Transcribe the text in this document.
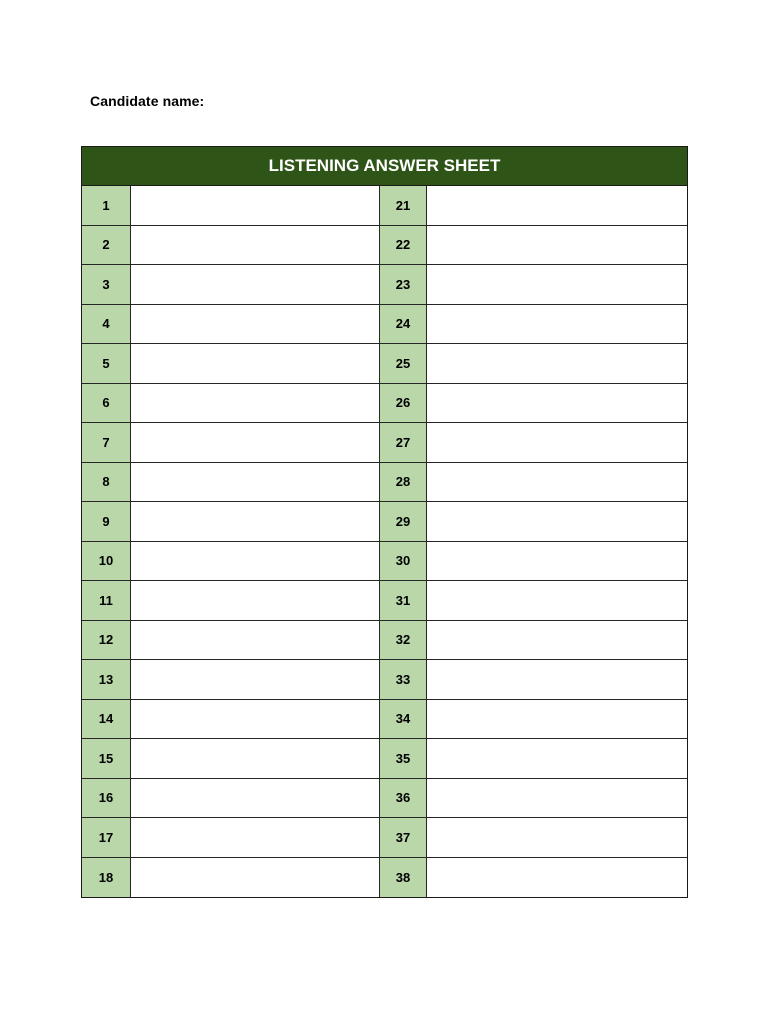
Candidate name:
LISTENING ANSWER SHEET
1	21
2	22
3	23
4	24
5	25
6	26
7	27
8	28
9	29
10	30
11	31
12	32
13	33
14	34
15	35
16	36
17	37
18	38
